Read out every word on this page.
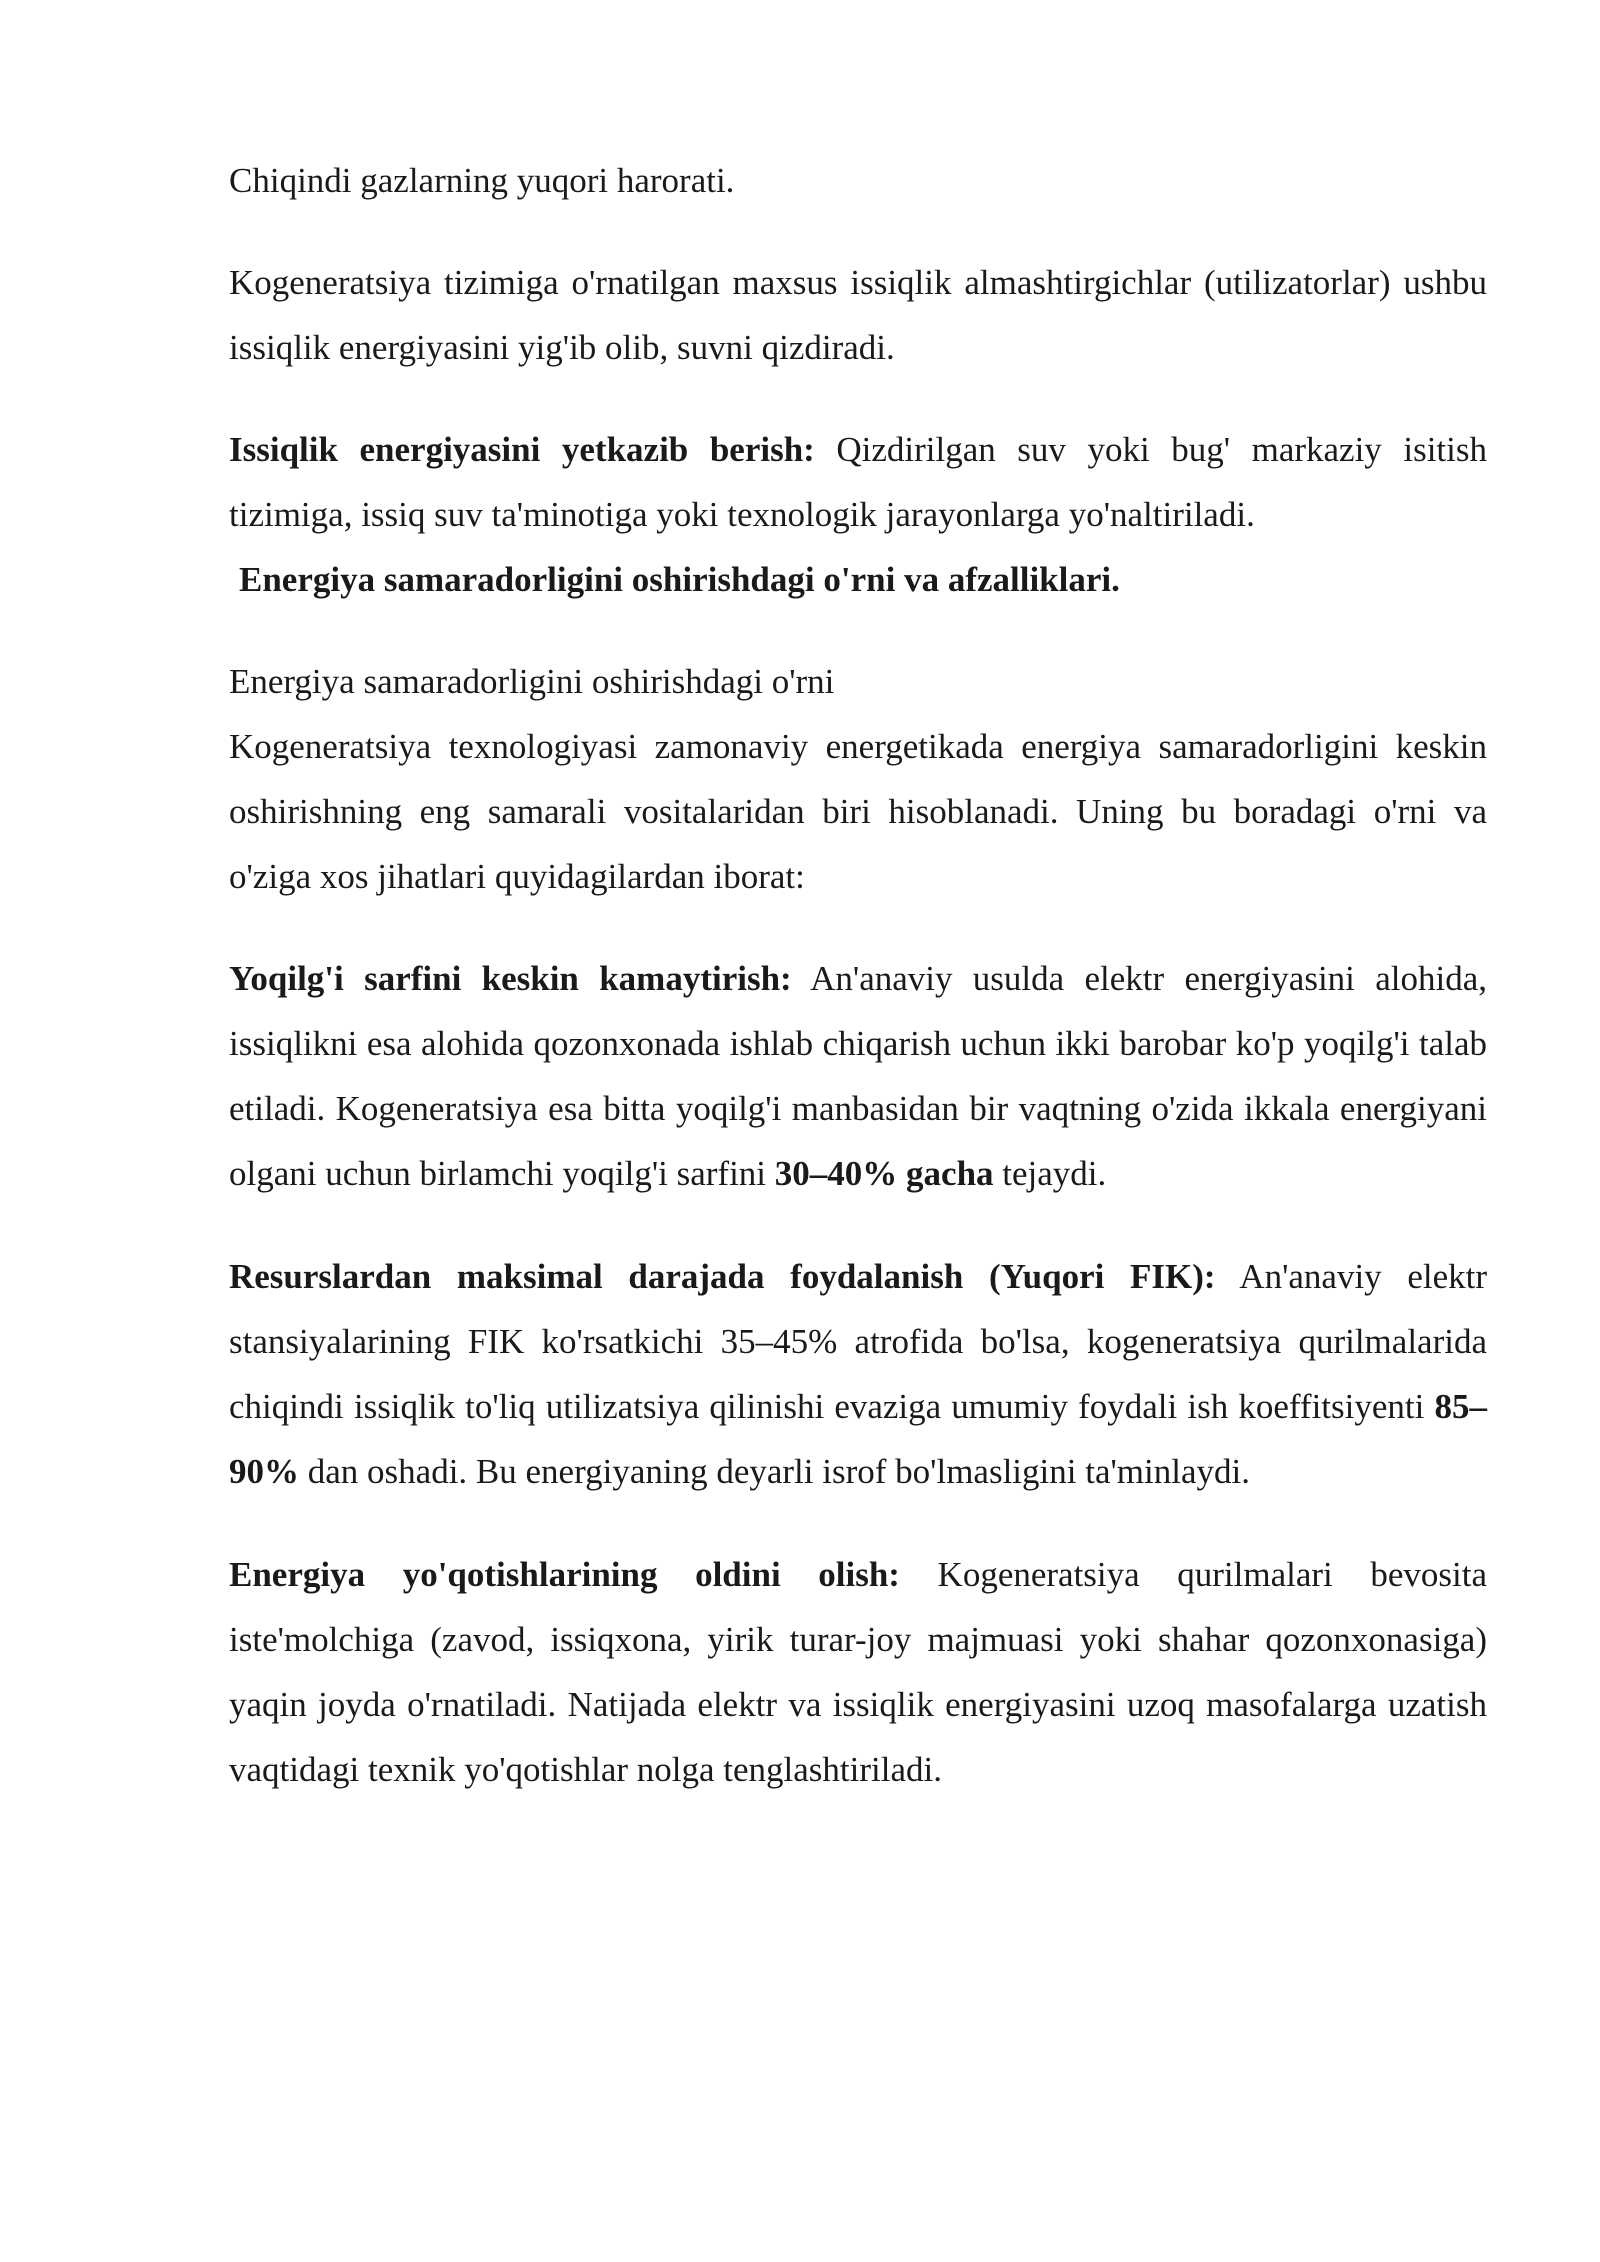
Chiqindi gazlarning yuqori harorati.

Kogeneratsiya tizimiga o'rnatilgan maxsus issiqlik almashtirgichlar (utilizatorlar) ushbu issiqlik energiyasini yig'ib olib, suvni qizdiradi.

Issiqlik energiyasini yetkazib berish: Qizdirilgan suv yoki bug' markaziy isitish tizimiga, issiq suv ta'minotiga yoki texnologik jarayonlarga yo'naltiriladi.

Energiya samaradorligini oshirishdagi o'rni va afzalliklari.

Energiya samaradorligini oshirishdagi o'rni

Kogeneratsiya texnologiyasi zamonaviy energetikada energiya samaradorligini keskin oshirishning eng samarali vositalaridan biri hisoblanadi. Uning bu boradagi o'rni va o'ziga xos jihatlari quyidagilardan iborat:

Yoqilg'i sarfini keskin kamaytirish: An'anaviy usulda elektr energiyasini alohida, issiqlikni esa alohida qozonxonada ishlab chiqarish uchun ikki barobar ko'p yoqilg'i talab etiladi. Kogeneratsiya esa bitta yoqilg'i manbasidan bir vaqtning o'zida ikkala energiyani olgani uchun birlamchi yoqilg'i sarfini 30–40% gacha tejaydi.

Resurslardan maksimal darajada foydalanish (Yuqori FIK): An'anaviy elektr stansiyalarining FIK ko'rsatkichi 35–45% atrofida bo'lsa, kogeneratsiya qurilmalarida chiqindi issiqlik to'liq utilizatsiya qilinishi evaziga umumiy foydali ish koeffitsiyenti 85–90% dan oshadi. Bu energiyaning deyarli isrof bo'lmasligini ta'minlaydi.

Energiya yo'qotishlarining oldini olish: Kogeneratsiya qurilmalari bevosita iste'molchiga (zavod, issiqxona, yirik turar-joy majmuasi yoki shahar qozonxonasiga) yaqin joyda o'rnatiladi. Natijada elektr va issiqlik energiyasini uzoq masofalarga uzatish vaqtidagi texnik yo'qotishlar nolga tenglashtiriladi.
